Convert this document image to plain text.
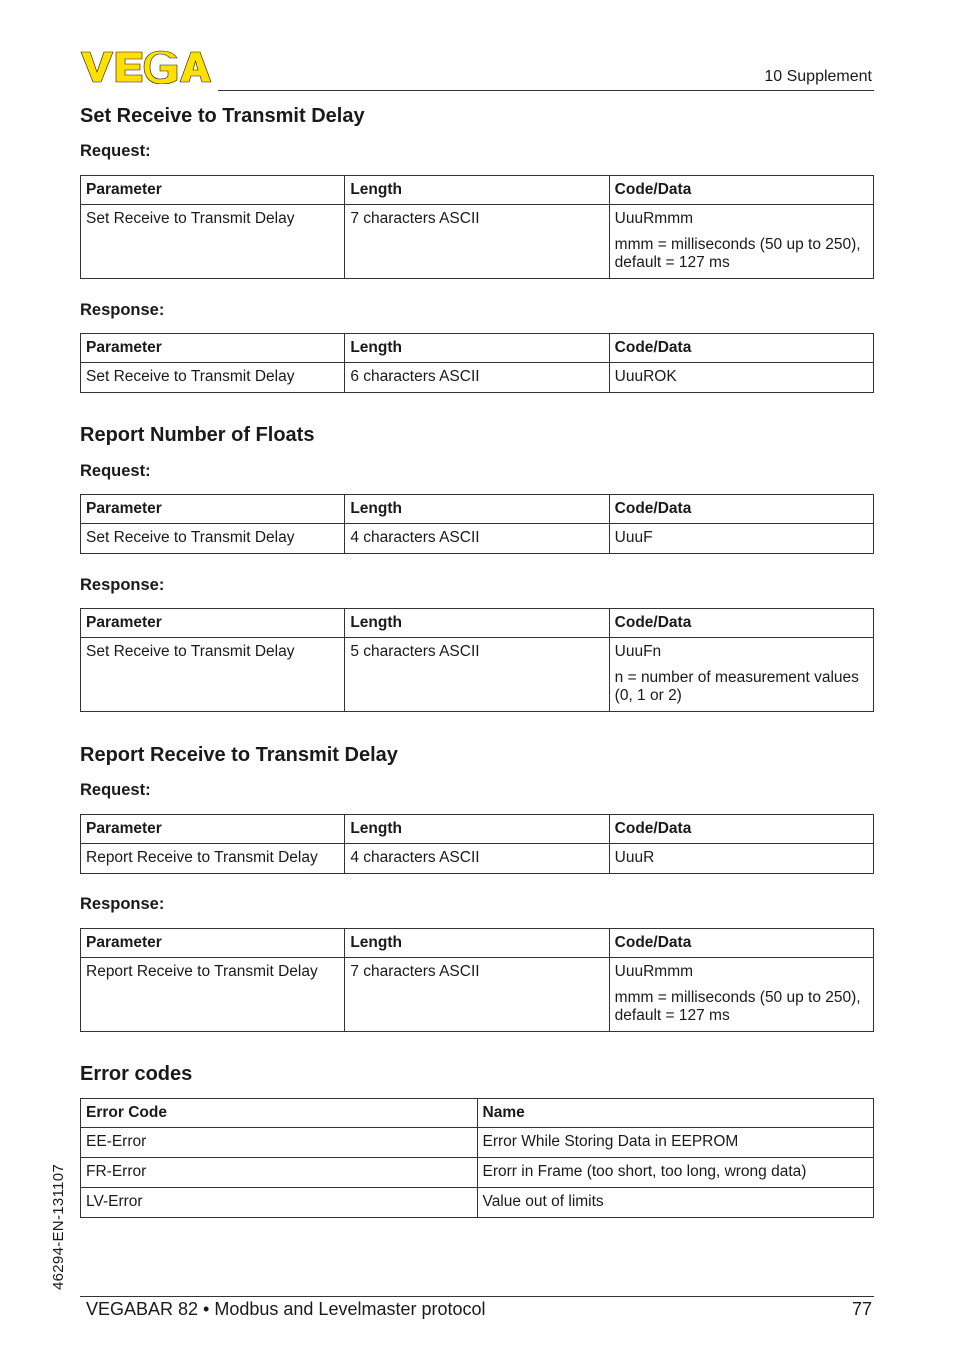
10 Supplement
Set Receive to Transmit Delay
Request:
Parameter	Length	Code/Data
Set Receive to Transmit Delay	7 characters ASCII	UuuRmmm

mmm = milliseconds (50 up to 250), default = 127 ms

Response:
Parameter	Length	Code/Data
Set Receive to Transmit Delay	6 characters ASCII	UuuROK
Report Number of Floats
Request:
Parameter	Length	Code/Data
Set Receive to Transmit Delay	4 characters ASCII	UuuF
Response:
Parameter	Length	Code/Data
Set Receive to Transmit Delay	5 characters ASCII	UuuFn

n = number of measurement values (0, 1 or 2)

Report Receive to Transmit Delay
Request:
Parameter	Length	Code/Data
Report Receive to Transmit Delay	4 characters ASCII	UuuR
Response:
Parameter	Length	Code/Data
Report Receive to Transmit Delay	7 characters ASCII	UuuRmmm

mmm = milliseconds (50 up to 250), default = 127 ms

Error codes
Error Code	Name
EE-Error	Error While Storing Data in EEPROM
FR-Error	Erorr in Frame (too short, too long, wrong data)
LV-Error	Value out of limits
46294-EN-131107
VEGABAR 82 • Modbus and Levelmaster protocol	77
